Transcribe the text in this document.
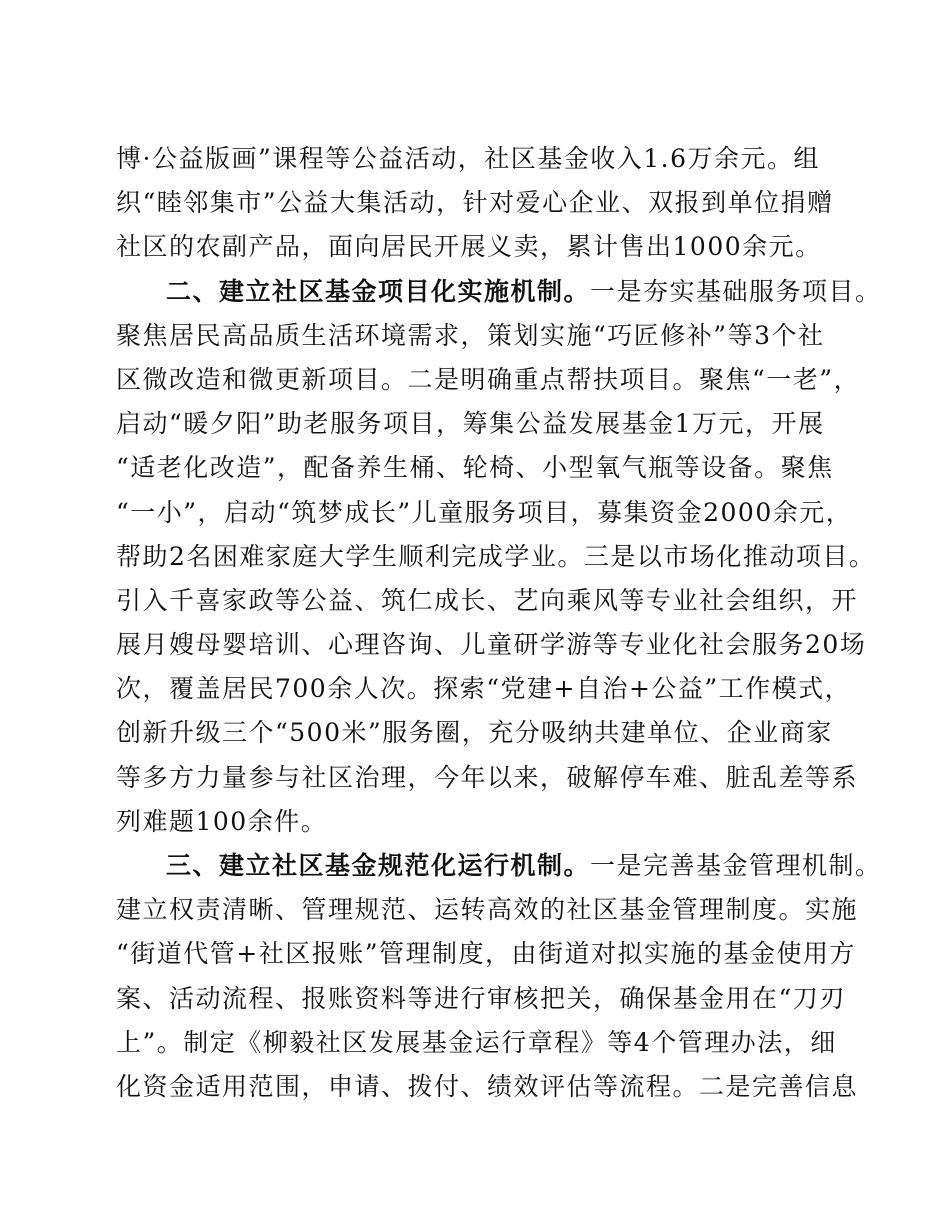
博·公益版画”课程等公益活动，社区基金收入1.6万余元。组
织“睦邻集市”公益大集活动，针对爱心企业、双报到单位捐赠
社区的农副产品，面向居民开展义卖，累计售出1000余元。
二、建立社区基金项目化实施机制。一是夯实基础服务项目。
聚焦居民高品质生活环境需求，策划实施“巧匠修补”等3个社
区微改造和微更新项目。二是明确重点帮扶项目。聚焦“一老”，
启动“暖夕阳”助老服务项目，筹集公益发展基金1万元，开展
“适老化改造”，配备养生桶、轮椅、小型氧气瓶等设备。聚焦
“一小”，启动“筑梦成长”儿童服务项目，募集资金2000余元，
帮助2名困难家庭大学生顺利完成学业。三是以市场化推动项目。
引入千喜家政等公益、筑仁成长、艺向乘风等专业社会组织，开
展月嫂母婴培训、心理咨询、儿童研学游等专业化社会服务20场
次，覆盖居民700余人次。探索“党建+自治+公益”工作模式，
创新升级三个“500米”服务圈，充分吸纳共建单位、企业商家
等多方力量参与社区治理，今年以来，破解停车难、脏乱差等系
列难题100余件。
三、建立社区基金规范化运行机制。一是完善基金管理机制。
建立权责清晰、管理规范、运转高效的社区基金管理制度。实施
“街道代管+社区报账”管理制度，由街道对拟实施的基金使用方
案、活动流程、报账资料等进行审核把关，确保基金用在“刀刃
上”。制定《柳毅社区发展基金运行章程》等4个管理办法，细
化资金适用范围，申请、拨付、绩效评估等流程。二是完善信息
